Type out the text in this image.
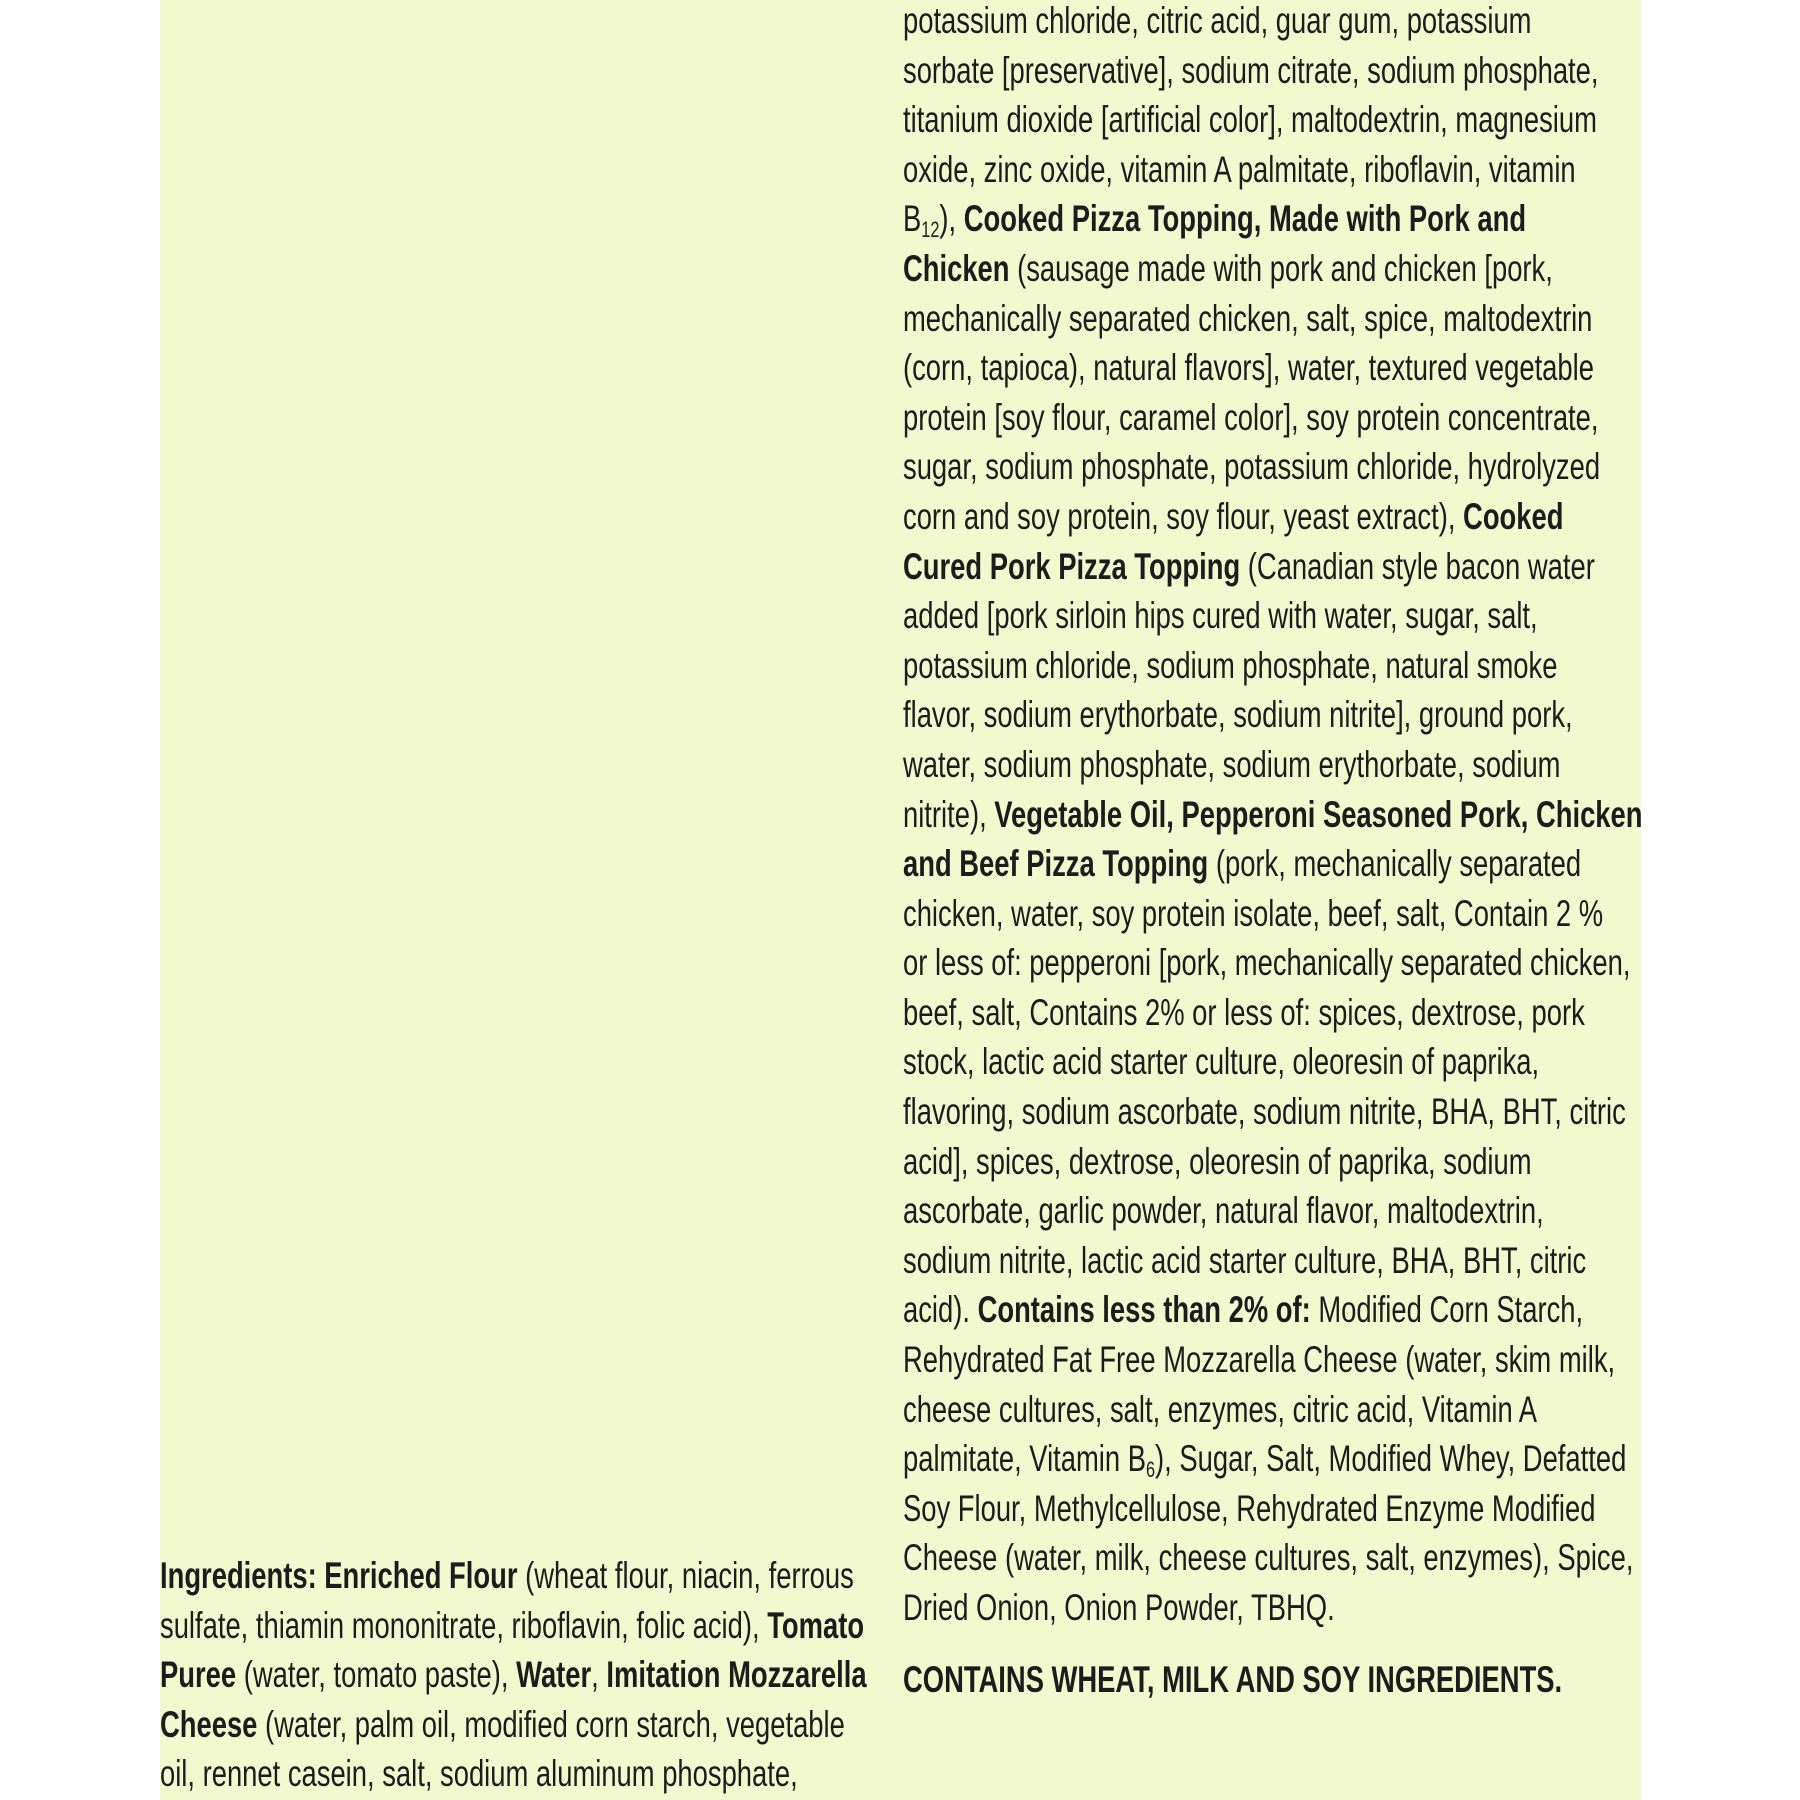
Ingredients: Enriched Flour (wheat flour, niacin, ferrous
sulfate, thiamin mononitrate, riboflavin, folic acid), Tomato
Puree (water, tomato paste), Water, Imitation Mozzarella
Cheese (water, palm oil, modified corn starch, vegetable
oil, rennet casein, salt, sodium aluminum phosphate,
potassium chloride, citric acid, guar gum, potassium
sorbate [preservative], sodium citrate, sodium phosphate,
titanium dioxide [artificial color], maltodextrin, magnesium
oxide, zinc oxide, vitamin A palmitate, riboflavin, vitamin
$B_{12}$), Cooked Pizza Topping, Made with Pork and
Chicken (sausage made with pork and chicken [pork,
mechanically separated chicken, salt, spice, maltodextrin
(corn, tapioca), natural flavors], water, textured vegetable
protein [soy flour, caramel color], soy protein concentrate,
sugar, sodium phosphate, potassium chloride, hydrolyzed
corn and soy protein, soy flour, yeast extract), Cooked
Cured Pork Pizza Topping (Canadian style bacon water
added [pork sirloin hips cured with water, sugar, salt,
potassium chloride, sodium phosphate, natural smoke
flavor, sodium erythorbate, sodium nitrite], ground pork,
water, sodium phosphate, sodium erythorbate, sodium
nitrite), Vegetable Oil, Pepperoni Seasoned Pork, Chicken
and Beef Pizza Topping (pork, mechanically separated
chicken, water, soy protein isolate, beef, salt, Contain 2 %
or less of: pepperoni [pork, mechanically separated chicken,
beef, salt, Contains 2% or less of: spices, dextrose, pork
stock, lactic acid starter culture, oleoresin of paprika,
flavoring, sodium ascorbate, sodium nitrite, BHA, BHT, citric
acid], spices, dextrose, oleoresin of paprika, sodium
ascorbate, garlic powder, natural flavor, maltodextrin,
sodium nitrite, lactic acid starter culture, BHA, BHT, citric
acid). Contains less than 2% of: Modified Corn Starch,
Rehydrated Fat Free Mozzarella Cheese (water, skim milk,
cheese cultures, salt, enzymes, citric acid, Vitamin A
palmitate, Vitamin $B_6$), Sugar, Salt, Modified Whey, Defatted
Soy Flour, Methylcellulose, Rehydrated Enzyme Modified
Cheese (water, milk, cheese cultures, salt, enzymes), Spice,
Dried Onion, Onion Powder, TBHQ.
CONTAINS WHEAT, MILK AND SOY INGREDIENTS.
